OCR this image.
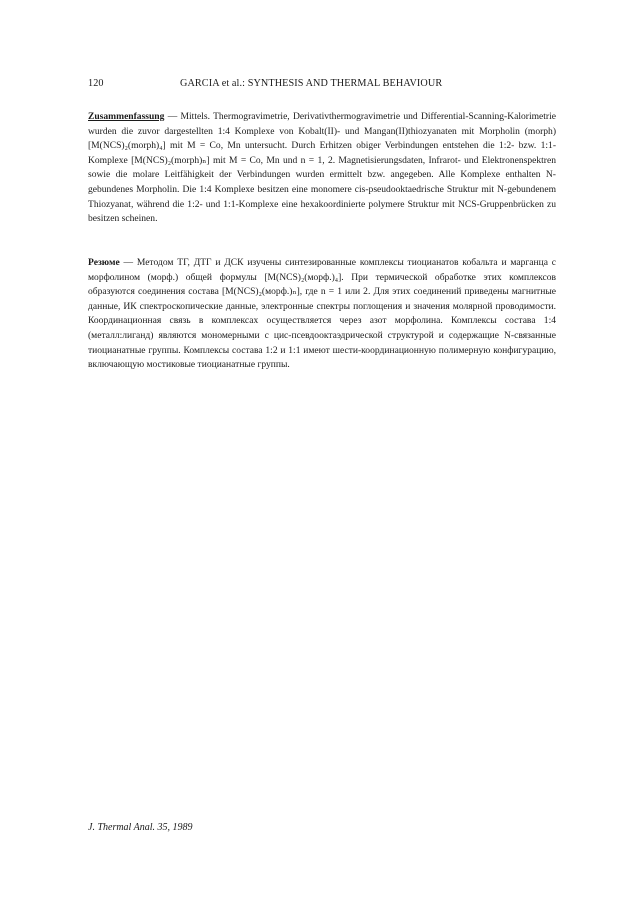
120	GARCIA et al.: SYNTHESIS AND THERMAL BEHAVIOUR
Zusammenfassung — Mittels. Thermogravimetrie, Derivativthermogravimetrie und Differential-Scanning-Kalorimetrie wurden die zuvor dargestellten 1:4 Komplexe von Kobalt(II)- und Mangan(II)thiozyanaten mit Morpholin (morph) [M(NCS)₂(morph)₄] mit M = Co, Mn untersucht. Durch Erhitzen obiger Verbindungen entstehen die 1:2- bzw. 1:1-Komplexe [M(NCS)₂(morph)ₙ] mit M = Co, Mn und n = 1, 2. Magnetisierungsdaten, Infrarot- und Elektronenspektren sowie die molare Leitfähigkeit der Verbindungen wurden ermittelt bzw. angegeben. Alle Komplexe enthalten N-gebundenes Morpholin. Die 1:4 Komplexe besitzen eine monomere cis-pseudooktaedrische Struktur mit N-gebundenem Thiozyanat, während die 1:2- und 1:1-Komplexe eine hexakoordinierte polymere Struktur mit NCS-Gruppenbrücken zu besitzen scheinen.
Резюме — Методом ТГ, ДТГ и ДСК изучены синтезированные комплексы тиоцианатов кобальта и марганца с морфолином (морф.) общей формулы [M(NCS)₂(морф.)₄]. При термической обработке этих комплексов образуются соединения состава [M(NCS)₂(морф.)ₙ], где n = 1 или 2. Для этих соединений приведены магнитные данные, ИК спектроскопические данные, электронные спектры поглощения и значения молярной проводимости. Координационная связь в комплексах осуществляется через азот морфолина. Комплексы состава 1:4 (металл:лиганд) являются мономерными с цис-псевдооктаэдрической структурой и содержащие N-связанные тиоцианатные группы. Комплексы состава 1:2 и 1:1 имеют шести-координационную полимерную конфигурацию, включающую мостиковые тиоцианатные группы.
J. Thermal Anal. 35, 1989
